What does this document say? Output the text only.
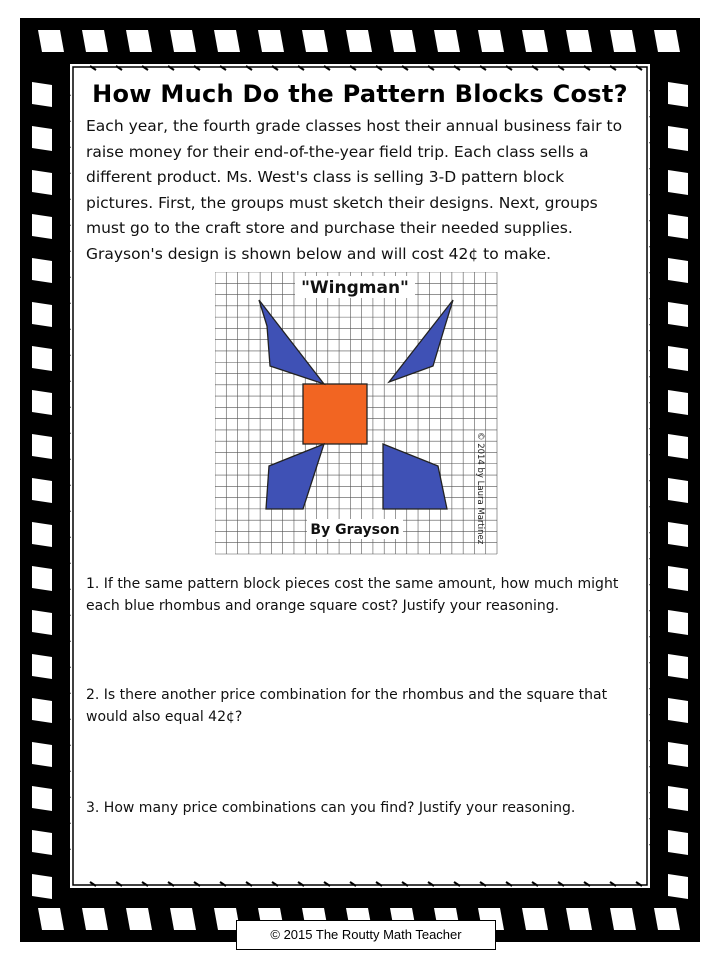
How Much Do the Pattern Blocks Cost?
Each year, the fourth grade classes host their annual business fair to raise money for their end-of-the-year field trip. Each class sells a different product. Ms. West's class is selling 3-D pattern block pictures. First, the groups must sketch their designs. Next, groups must go to the craft store and purchase their needed supplies. Grayson's design is shown below and will cost 42¢ to make.
"Wingman"
By Grayson	© 2014 by Laura Martinez
1. If the same pattern block pieces cost the same amount, how much might each blue rhombus and orange square cost? Justify your reasoning.
2. Is there another price combination for the rhombus and the square that would also equal 42¢?
3. How many price combinations can you find? Justify your reasoning.
© 2015 The Routty Math Teacher
